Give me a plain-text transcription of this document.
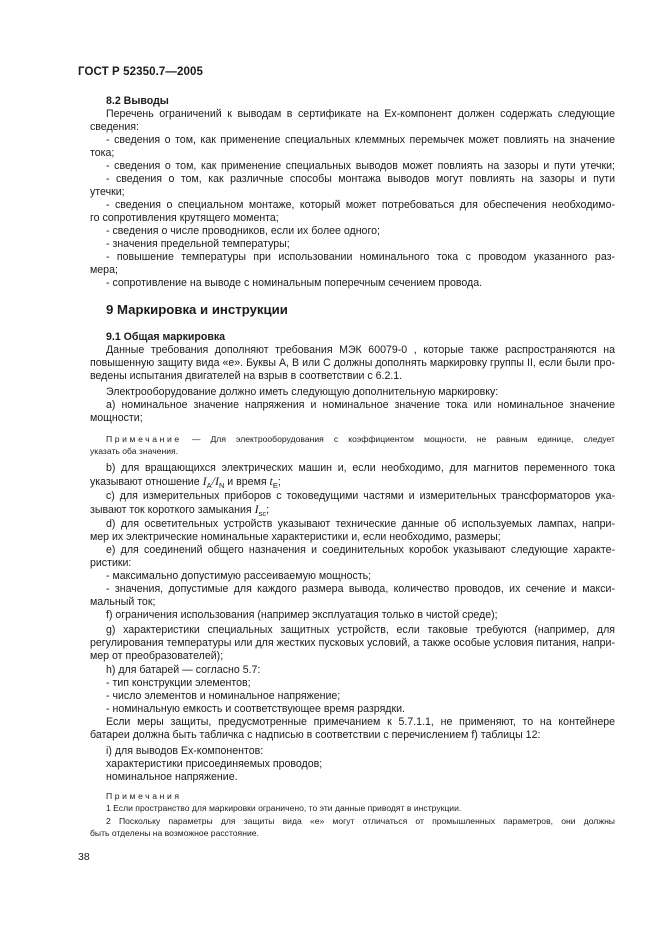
ГОСТ Р 52350.7—2005
8.2 Выводы
Перечень ограничений к выводам в сертификате на Ех-компонент должен содержать следующие
сведения:
- сведения о том, как применение специальных клеммных перемычек может повлиять на значение
тока;
- сведения о том, как применение специальных выводов может повлиять на зазоры и пути утечки;
- сведения о том, как различные способы монтажа выводов могут повлиять на зазоры и пути
утечки;
- сведения о специальном монтаже, который может потребоваться для обеспечения необходимо-
го сопротивления крутящего момента;
- сведения о числе проводников, если их более одного;
- значения предельной температуры;
- повышение температуры при использовании номинального тока с проводом указанного раз-
мера;
- сопротивление на выводе с номинальным поперечным сечением провода.
9 Маркировка и инструкции
9.1 Общая маркировка
Данные требования дополняют требования МЭК 60079-0 , которые также распространяются на
повышенную защиту вида «е». Буквы А, В или С должны дополнять маркировку группы II, если были про-
ведены испытания двигателей на взрыв в соответствии с 6.2.1.
Электрооборудование должно иметь следующую дополнительную маркировку:
a) номинальное значение напряжения и номинальное значение тока или номинальное значение
мощности;
Примечание — Для электрооборудования с коэффициентом мощности, не равным единице, следует
указать оба значения.
b) для вращающихся электрических машин и, если необходимо, для магнитов переменного тока
указывают отношение $I_A/I_N$ и время $t_E$;
c) для измерительных приборов с токоведущими частями и измерительных трансформаторов ука-
зывают ток короткого замыкания $I_{sc}$;
d) для осветительных устройств указывают технические данные об используемых лампах, напри-
мер их электрические номинальные характеристики и, если необходимо, размеры;
e) для соединений общего назначения и соединительных коробок указывают следующие характе-
ристики:
- максимально допустимую рассеиваемую мощность;
- значения, допустимые для каждого размера вывода, количество проводов, их сечение и макси-
мальный ток;
f) ограничения использования (например эксплуатация только в чистой среде);
g) характеристики специальных защитных устройств, если таковые требуются (например, для
регулирования температуры или для жестких пусковых условий, а также особые условия питания, напри-
мер от преобразователей);
h) для батарей — согласно 5.7:
- тип конструкции элементов;
- число элементов и номинальное напряжение;
- номинальную емкость и соответствующее время разрядки.
Если меры защиты, предусмотренные примечанием к 5.7.1.1, не применяют, то на контейнере
батареи должна быть табличка с надписью в соответствии с перечислением f) таблицы 12:
i) для выводов Ех-компонентов:
характеристики присоединяемых проводов;
номинальное напряжение.
Примечания
1 Если пространство для маркировки ограничено, то эти данные приводят в инструкции.
2 Поскольку параметры для защиты вида «е» могут отличаться от промышленных параметров, они должны
быть отделены на возможное расстояние.
38
